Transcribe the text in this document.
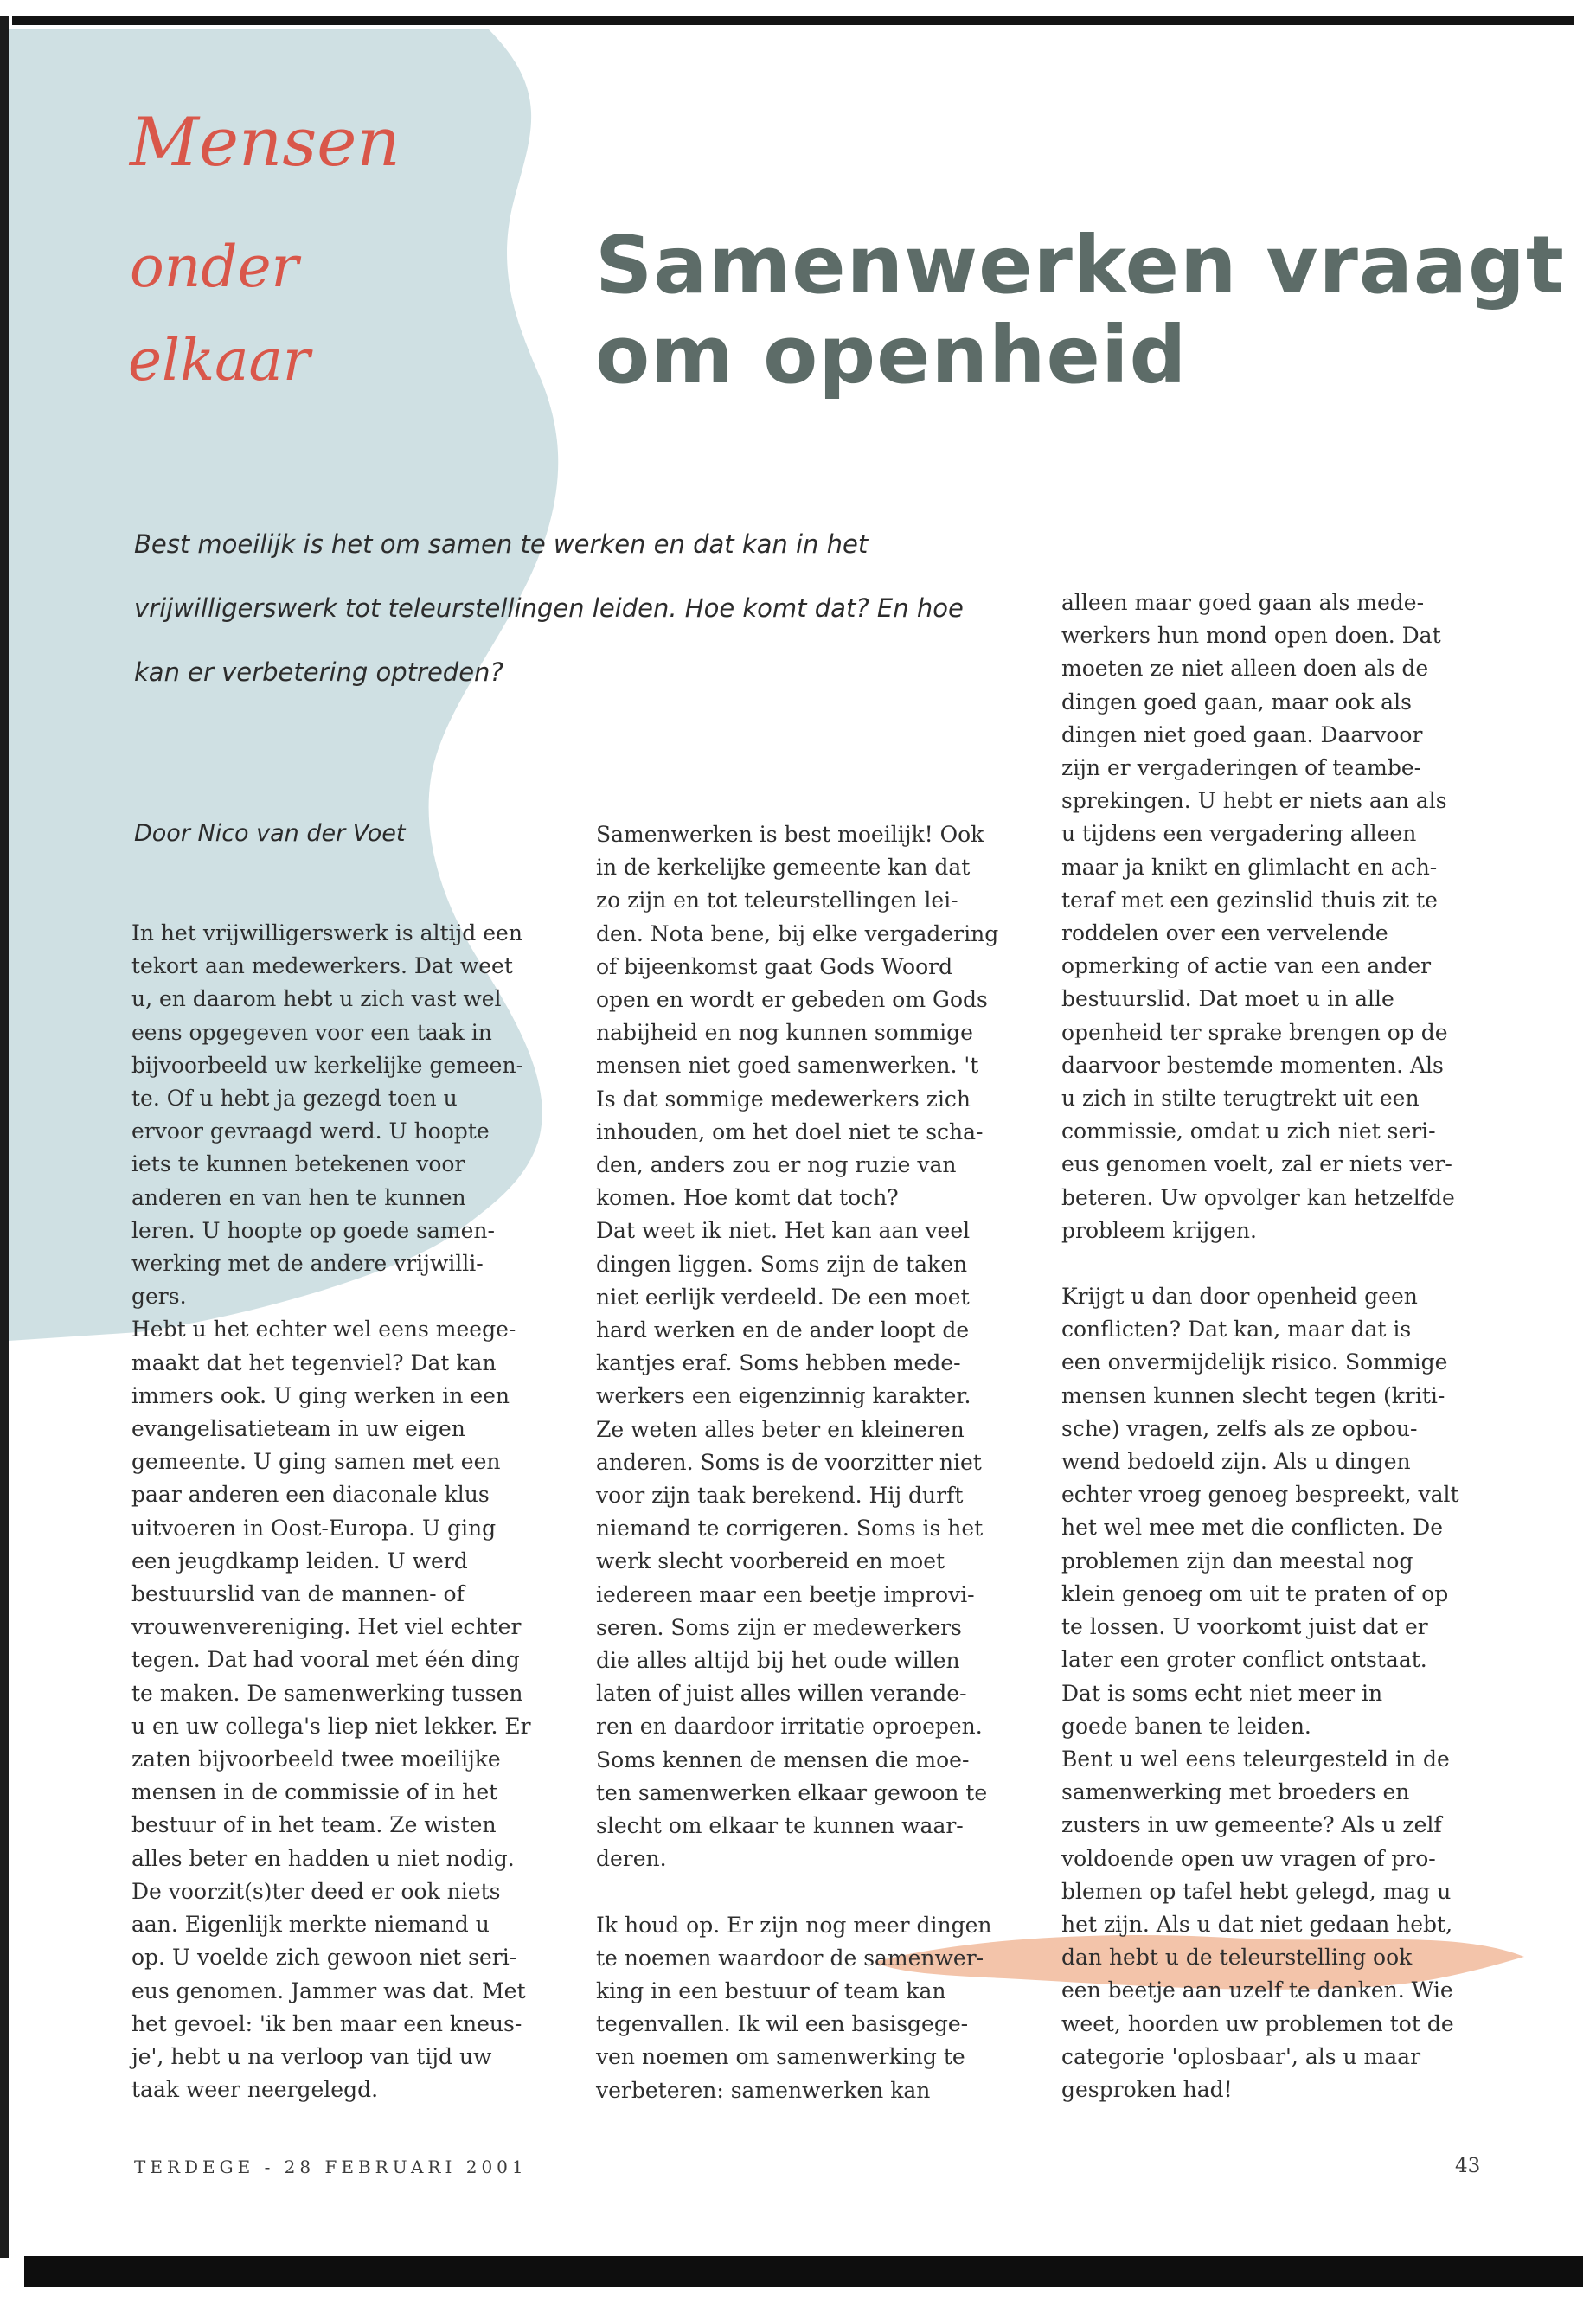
Mensen
onder
elkaar
Samenwerken vraagt
om openheid
Best moeilijk is het om samen te werken en dat kan in het
vrijwilligerswerk tot teleurstellingen leiden. Hoe komt dat? En hoe
kan er verbetering optreden?
Door Nico van der Voet
In het vrijwilligerswerk is altijd een
tekort aan medewerkers. Dat weet
u, en daarom hebt u zich vast wel
eens opgegeven voor een taak in
bijvoorbeeld uw kerkelijke gemeen-
te. Of u hebt ja gezegd toen u
ervoor gevraagd werd. U hoopte
iets te kunnen betekenen voor
anderen en van hen te kunnen
leren. U hoopte op goede samen-
werking met de andere vrijwilli-
gers.
Hebt u het echter wel eens meege-
maakt dat het tegenviel? Dat kan
immers ook. U ging werken in een
evangelisatieteam in uw eigen
gemeente. U ging samen met een
paar anderen een diaconale klus
uitvoeren in Oost-Europa. U ging
een jeugdkamp leiden. U werd
bestuurslid van de mannen- of
vrouwenvereniging. Het viel echter
tegen. Dat had vooral met één ding
te maken. De samenwerking tussen
u en uw collega's liep niet lekker. Er
zaten bijvoorbeeld twee moeilijke
mensen in de commissie of in het
bestuur of in het team. Ze wisten
alles beter en hadden u niet nodig.
De voorzit(s)ter deed er ook niets
aan. Eigenlijk merkte niemand u
op. U voelde zich gewoon niet seri-
eus genomen. Jammer was dat. Met
het gevoel: 'ik ben maar een kneus-
je', hebt u na verloop van tijd uw
taak weer neergelegd.
Samenwerken is best moeilijk! Ook
in de kerkelijke gemeente kan dat
zo zijn en tot teleurstellingen lei-
den. Nota bene, bij elke vergadering
of bijeenkomst gaat Gods Woord
open en wordt er gebeden om Gods
nabijheid en nog kunnen sommige
mensen niet goed samenwerken. 't
Is dat sommige medewerkers zich
inhouden, om het doel niet te scha-
den, anders zou er nog ruzie van
komen. Hoe komt dat toch?
Dat weet ik niet. Het kan aan veel
dingen liggen. Soms zijn de taken
niet eerlijk verdeeld. De een moet
hard werken en de ander loopt de
kantjes eraf. Soms hebben mede-
werkers een eigenzinnig karakter.
Ze weten alles beter en kleineren
anderen. Soms is de voorzitter niet
voor zijn taak berekend. Hij durft
niemand te corrigeren. Soms is het
werk slecht voorbereid en moet
iedereen maar een beetje improvi-
seren. Soms zijn er medewerkers
die alles altijd bij het oude willen
laten of juist alles willen verande-
ren en daardoor irritatie oproepen.
Soms kennen de mensen die moe-
ten samenwerken elkaar gewoon te
slecht om elkaar te kunnen waar-
deren.
Ik houd op. Er zijn nog meer dingen
te noemen waardoor de samenwer-
king in een bestuur of team kan
tegenvallen. Ik wil een basisgege-
ven noemen om samenwerking te
verbeteren: samenwerken kan
alleen maar goed gaan als mede-
werkers hun mond open doen. Dat
moeten ze niet alleen doen als de
dingen goed gaan, maar ook als
dingen niet goed gaan. Daarvoor
zijn er vergaderingen of teambe-
sprekingen. U hebt er niets aan als
u tijdens een vergadering alleen
maar ja knikt en glimlacht en ach-
teraf met een gezinslid thuis zit te
roddelen over een vervelende
opmerking of actie van een ander
bestuurslid. Dat moet u in alle
openheid ter sprake brengen op de
daarvoor bestemde momenten. Als
u zich in stilte terugtrekt uit een
commissie, omdat u zich niet seri-
eus genomen voelt, zal er niets ver-
beteren. Uw opvolger kan hetzelfde
probleem krijgen.
Krijgt u dan door openheid geen
conflicten? Dat kan, maar dat is
een onvermijdelijk risico. Sommige
mensen kunnen slecht tegen (kriti-
sche) vragen, zelfs als ze opbou-
wend bedoeld zijn. Als u dingen
echter vroeg genoeg bespreekt, valt
het wel mee met die conflicten. De
problemen zijn dan meestal nog
klein genoeg om uit te praten of op
te lossen. U voorkomt juist dat er
later een groter conflict ontstaat.
Dat is soms echt niet meer in
goede banen te leiden.
Bent u wel eens teleurgesteld in de
samenwerking met broeders en
zusters in uw gemeente? Als u zelf
voldoende open uw vragen of pro-
blemen op tafel hebt gelegd, mag u
het zijn. Als u dat niet gedaan hebt,
dan hebt u de teleurstelling ook
een beetje aan uzelf te danken. Wie
weet, hoorden uw problemen tot de
categorie 'oplosbaar', als u maar
gesproken had!
TERDEGE - 28 FEBRUARI 2001	43
